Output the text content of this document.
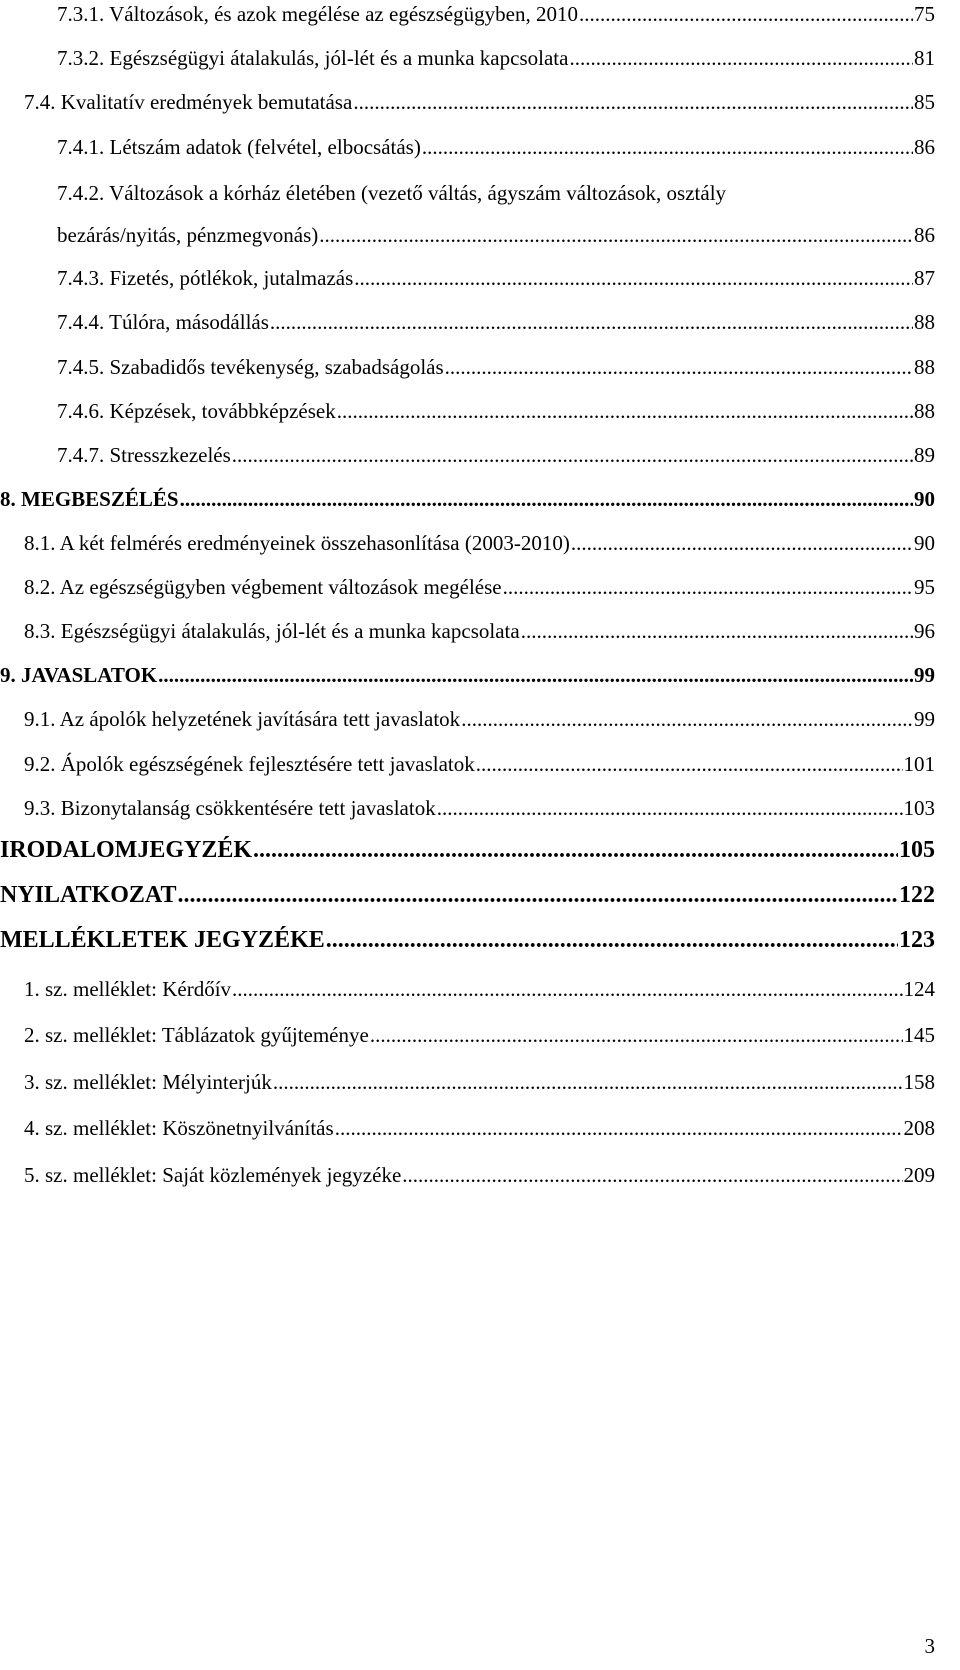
7.3.1. Változások, és azok megélése az egészségügyben, 2010 .....	75
7.3.2. Egészségügyi átalakulás, jól-lét és a munka kapcsolata .....	81
7.4. Kvalitatív eredmények bemutatása .....	85
7.4.1. Létszám adatok (felvétel, elbocsátás) .....	86
7.4.2. Változások a kórház életében (vezető váltás, ágyszám változások, osztály
bezárás/nyitás, pénzmegvonás) .....	86
7.4.3. Fizetés, pótlékok, jutalmazás .....	87
7.4.4. Túlóra, másodállás .....	88
7.4.5. Szabadidős tevékenység, szabadságolás .....	88
7.4.6. Képzések, továbbképzések .....	88
7.4.7. Stresszkezelés .....	89
8. MEGBESZÉLÉS .....	90
8.1. A két felmérés eredményeinek összehasonlítása (2003-2010) .....	90
8.2. Az egészségügyben végbement változások megélése .....	95
8.3. Egészségügyi átalakulás, jól-lét és a munka kapcsolata .....	96
9. JAVASLATOK .....	99
9.1. Az ápolók helyzetének javítására tett javaslatok .....	99
9.2. Ápolók egészségének fejlesztésére tett javaslatok .....	101
9.3. Bizonytalanság csökkentésére tett javaslatok .....	103
IRODALOMJEGYZÉK .....	105
NYILATKOZAT .....	122
MELLÉKLETEK JEGYZÉKE .....	123
1. sz. melléklet: Kérdőív .....	124
2. sz. melléklet: Táblázatok gyűjteménye .....	145
3. sz. melléklet: Mélyinterjúk .....	158
4. sz. melléklet: Köszönetnyilvánítás .....	208
5. sz. melléklet: Saját közlemények jegyzéke .....	209
3
